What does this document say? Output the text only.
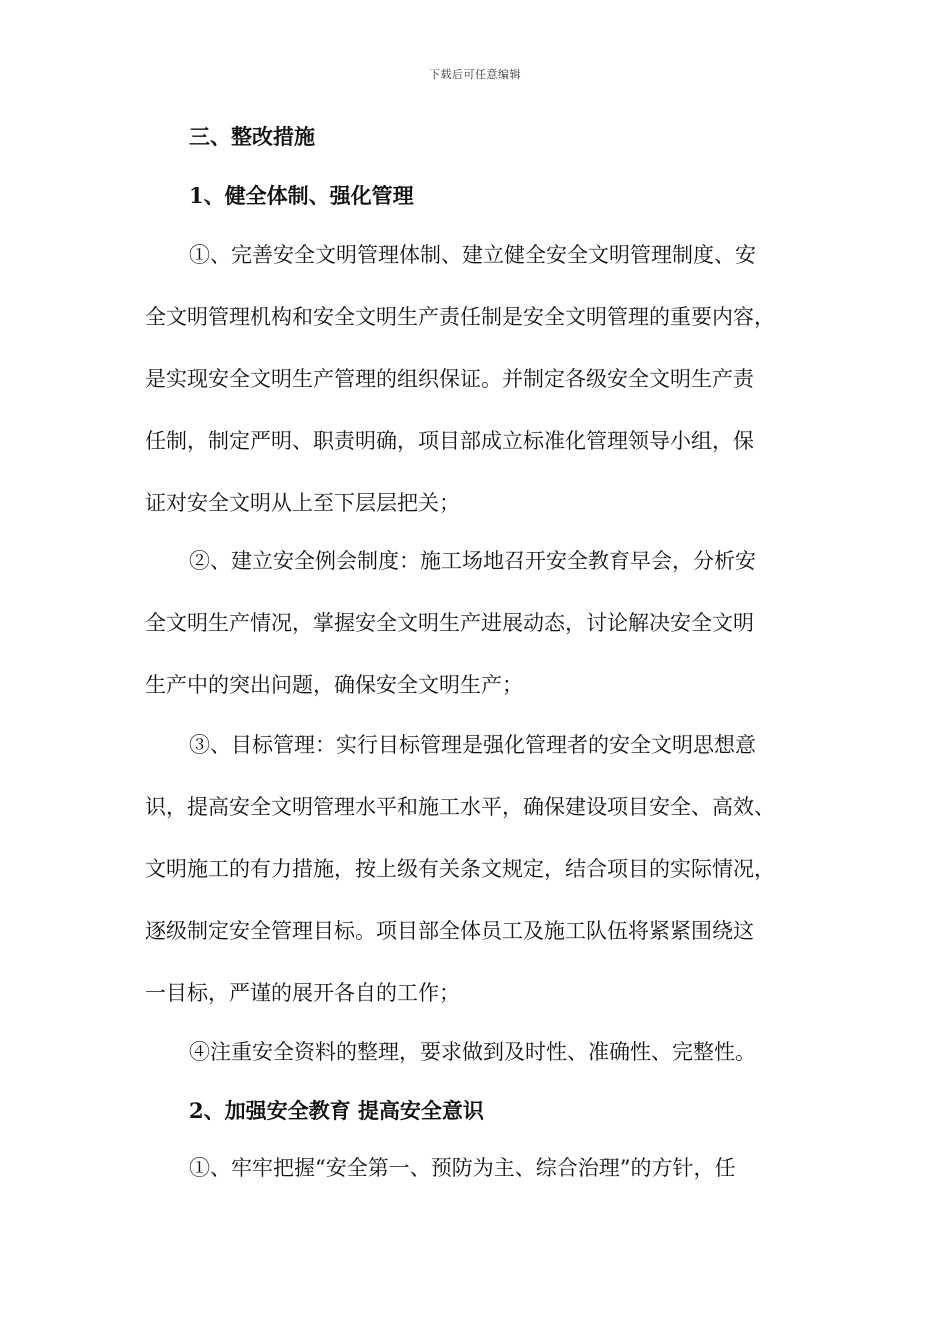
下载后可任意编辑
三、整改措施
1、健全体制、强化管理
①、完善安全文明管理体制、建立健全安全文明管理制度、安
全文明管理机构和安全文明生产责任制是安全文明管理的重要内容，
是实现安全文明生产管理的组织保证。并制定各级安全文明生产责
任制，制定严明、职责明确，项目部成立标准化管理领导小组，保
证对安全文明从上至下层层把关；
②、建立安全例会制度：施工场地召开安全教育早会，分析安
全文明生产情况，掌握安全文明生产进展动态，讨论解决安全文明
生产中的突出问题，确保安全文明生产；
③、目标管理：实行目标管理是强化管理者的安全文明思想意
识，提高安全文明管理水平和施工水平，确保建设项目安全、高效、
文明施工的有力措施，按上级有关条文规定，结合项目的实际情况，
逐级制定安全管理目标。项目部全体员工及施工队伍将紧紧围绕这
一目标，严谨的展开各自的工作；
④注重安全资料的整理，要求做到及时性、准确性、完整性。
2、加强安全教育 提高安全意识
①、牢牢把握“安全第一、预防为主、综合治理”的方针，任
